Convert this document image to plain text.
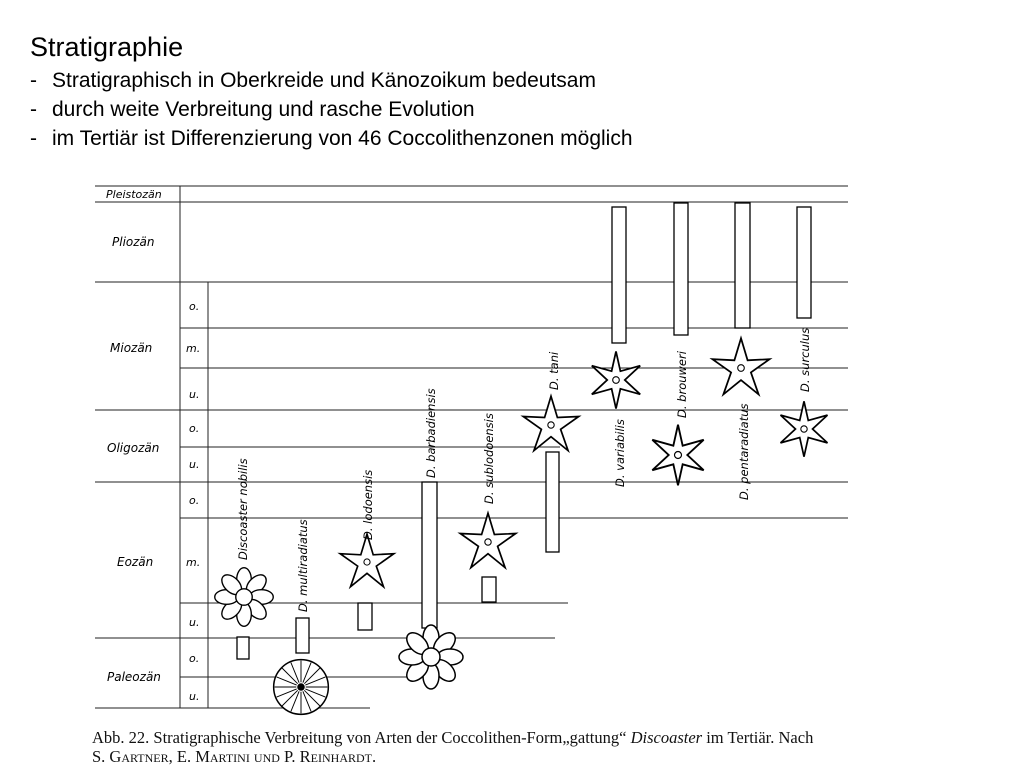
Stratigraphie
- Stratigraphisch in Oberkreide und Känozoikum bedeutsam
- durch weite Verbreitung und rasche Evolution
- im Tertiär ist Differenzierung von 46 Coccolithenzonen möglich
Pleistozän
Pliozän
Miozän
Oligozän
Eozän
Paleozän
o.
m.
u.
o.
u.
o.
m.
u.
o.
u.
Discoaster nobilis
D. multiradiatus
D. lodoensis
D. barbadiensis	D. sublodoensis
D. tani
D. variabilis
D. brouweri
D. pentaradiatus
D. surculus
Abb. 22. Stratigraphische Verbreitung von Arten der Coccolithen-Form„gattung“ Discoaster im Tertiär. Nach
S. Gartner, E. Martini und P. Reinhardt.
